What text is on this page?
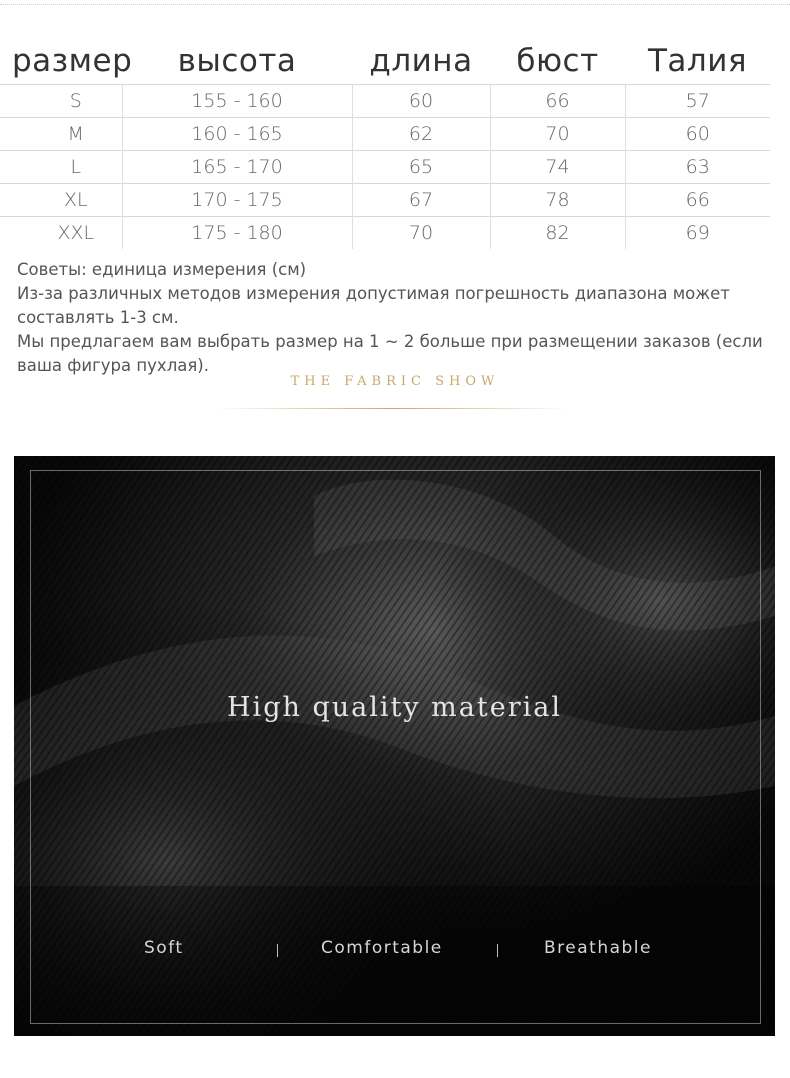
размер	высота	длина	бюст	Талия
S	155 - 160	60	66	57
M	160 - 165	62	70	60
L	165 - 170	65	74	63
XL	170 - 175	67	78	66
XXL	175 - 180	70	82	69

Советы: единица измерения (см)

Из-за различных методов измерения допустимая погрешность диапазона может составлять 1-3 см.

Мы предлагаем вам выбрать размер на 1 ~ 2 больше при размещении заказов (если ваша фигура пухлая).

THE FABRIC SHOW
High quality material
Soft	Comfortable	Breathable
